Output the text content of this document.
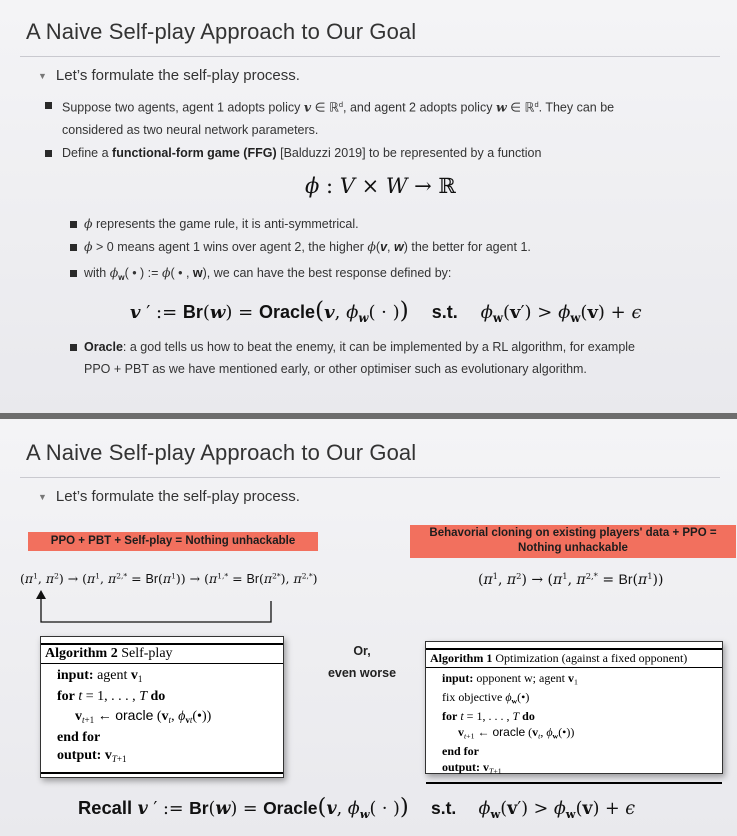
A Naive Self-play Approach to Our Goal
▼ Let’s formulate the self-play process.
Suppose two agents, agent 1 adopts policy v ∈ ℝ$^d$, and agent 2 adopts policy w ∈ ℝ$^d$. They can be
considered as two neural network parameters.
Define a functional-form game (FFG) [Balduzzi 2019] to be represented by a function
ϕ : V × W → ℝ
ϕ represents the game rule, it is anti-symmetrical.
ϕ > 0 means agent 1 wins over agent 2, the higher ϕ(v, w) the better for agent 1.
with $\phi_w$( • ) := ϕ( • , w), we can have the best response defined by:
v ′ := Br(w) = Oracle(v, $\phi_w$( · )) s.t. $\phi_w(v') > \phi_w(v) + \epsilon$
Oracle: a god tells us how to beat the enemy, it can be implemented by a RL algorithm, for example
PPO + PBT as we have mentioned early, or other optimiser such as evolutionary algorithm.
A Naive Self-play Approach to Our Goal
▼ Let’s formulate the self-play process.
PPO + PBT + Self-play = Nothing unhackable
Behavorial cloning on existing players' data + PPO = Nothing unhackable
($\pi^1$, $\pi^2) \to (\pi^1$, $\pi^{2,*} = Br(\pi^1)) \to (\pi^{1,*} = Br(\pi^{2*})$, $\pi^{2,*}$)	($\pi^1$, $\pi^2) \to (\pi^1$, $\pi^{2,*} = Br(\pi^1)$)
Algorithm 2 Self-play
input: agent $v_1$
for t = 1, . . . , T do
$v_{t+1}$ ← oracle ($v_t$, $\phi_{vt}(•)$)
end for
output: $v_{T+1}$
Or,
even worse
Algorithm 1 Optimization (against a fixed opponent)
input: opponent w; agent $v_1$
fix objective $\phi_w(•)$
for t = 1, . . . , T do
$v_{t+1}$ ← oracle ($v_t$, $\phi_w(•)$)
end for
output: $v_{T+1}$
Recall v ′ := Br(w) = Oracle(v, $\phi_w$( · )) s.t. $\phi_w(v') > \phi_w(v) + \epsilon$
